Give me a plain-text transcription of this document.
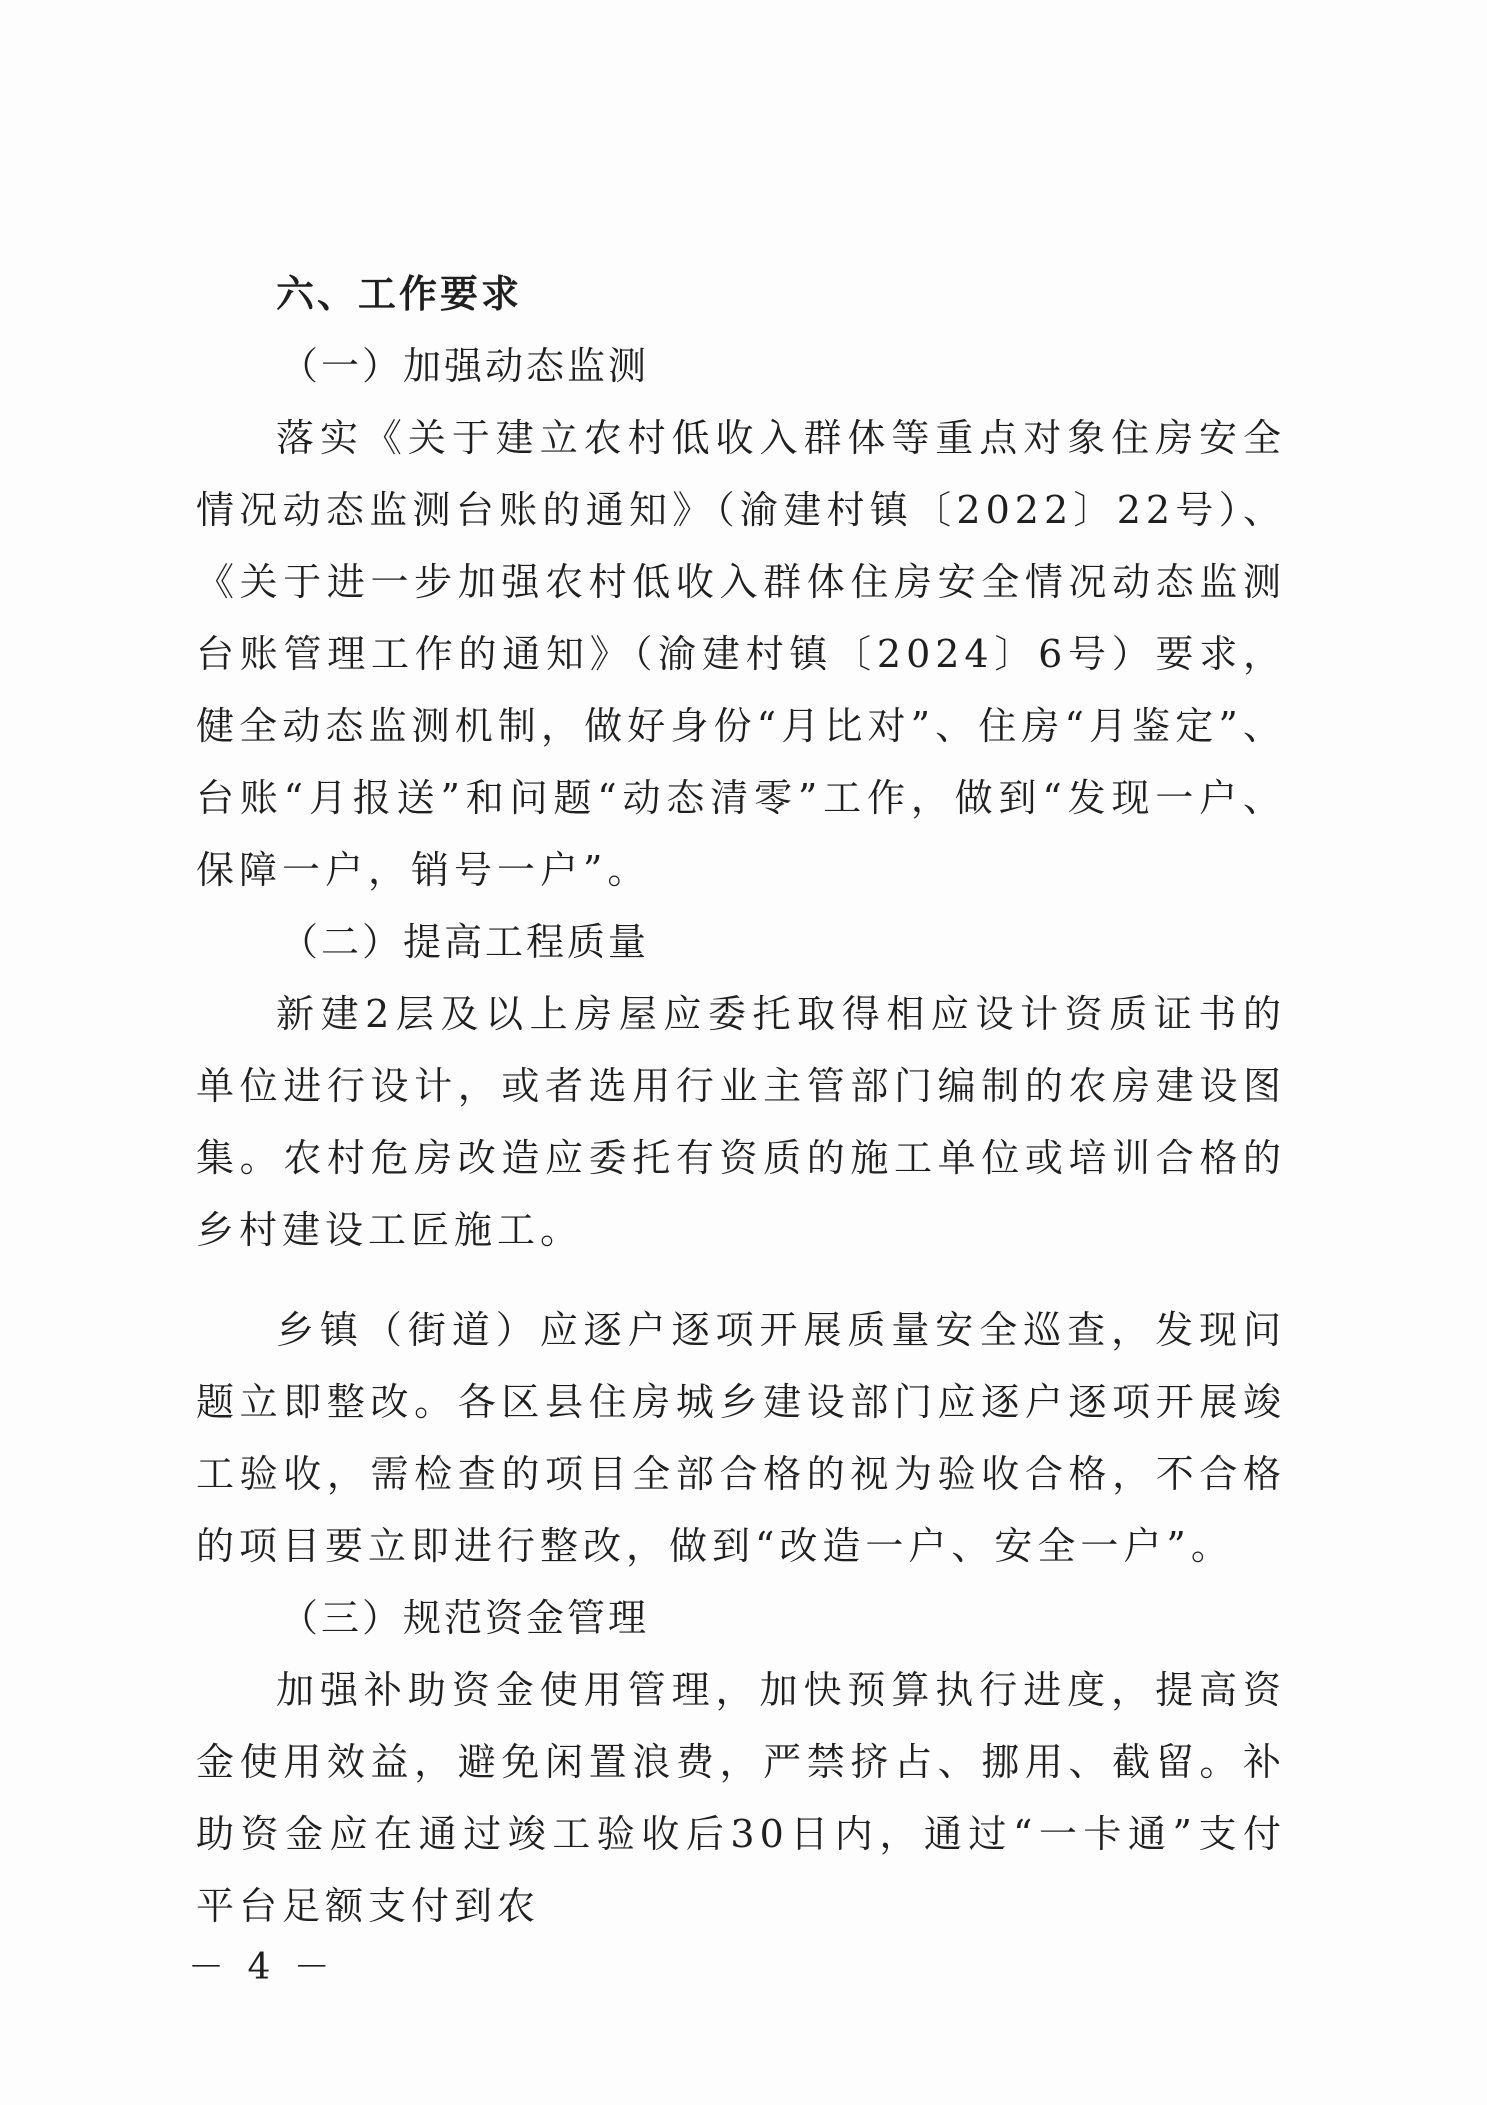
六、工作要求
（一）加强动态监测

落实《关于建立农村低收入群体等重点对象住房安全情况动态监测台账的通知》（渝建村镇〔2022〕22号）、《关于进一步加强农村低收入群体住房安全情况动态监测台账管理工作的通知》（渝建村镇〔2024〕6号）要求，健全动态监测机制，做好身份“月比对”、住房“月鉴定”、台账“月报送”和问题“动态清零”工作，做到“发现一户、保障一户，销号一户”。

（二）提高工程质量

新建2层及以上房屋应委托取得相应设计资质证书的单位进行设计，或者选用行业主管部门编制的农房建设图集。农村危房改造应委托有资质的施工单位或培训合格的乡村建设工匠施工。

乡镇（街道）应逐户逐项开展质量安全巡查，发现问题立即整改。各区县住房城乡建设部门应逐户逐项开展竣工验收，需检查的项目全部合格的视为验收合格，不合格的项目要立即进行整改，做到“改造一户、安全一户”。

（三）规范资金管理

加强补助资金使用管理，加快预算执行进度，提高资金使用效益，避免闲置浪费，严禁挤占、挪用、截留。补助资金应在通过竣工验收后30日内，通过“一卡通”支付平台足额支付到农

－ 4 －
